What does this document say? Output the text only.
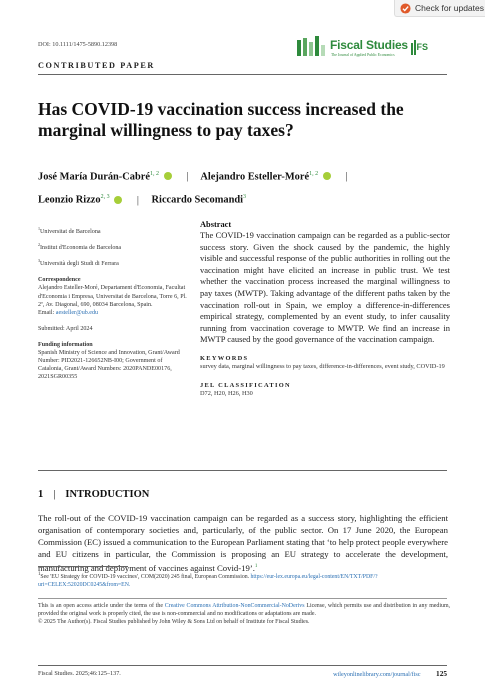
Check for updates
DOI: 10.1111/1475-5890.12398	Fiscal Studies
The Journal of Applied Public Economics
IFS
CONTRIBUTED PAPER
Has COVID-19 vaccination success increased the marginal willingness to pay taxes?
José María Durán-Cabré$^{1, 2}$	| Alejandro Esteller-Moré$^{1, 2}$	|
Leonzio Rizzo$^{2, 3}$	| Riccardo Secomandi$^3$
$^1$Universitat de Barcelona
$^2$Institut d'Economia de Barcelona
$^3$Università degli Studi di Ferrara
Correspondence
Alejandro Esteller-Moré, Departament d'Economia, Facultat d'Economia i Empresa, Universitat de Barcelona, Torre 6, Pl. 2ª, Av. Diagonal, 690, 08034 Barcelona, Spain.
Email: aesteller@ub.edu
Submitted: April 2024
Funding information
Spanish Ministry of Science and Innovation, Grant/Award Number: PID2021-126652NB-I00; Government of Catalonia, Grant/Award Numbers: 2020PANDE00176, 2021SGR00355
Abstract
The COVID-19 vaccination campaign can be regarded as a public-sector success story. Given the shock caused by the pandemic, the highly visible and successful response of the public authorities in rolling out the vaccination might have elicited an increase in public trust. We test whether the vaccination process increased the marginal willingness to pay taxes (MWTP). Taking advantage of the different paths taken by the vaccination roll-out in Spain, we employ a difference-in-differences empirical strategy, complemented by an event study, to infer causality running from vaccination coverage to MWTP. We find an increase in MWTP caused by the good governance of the vaccination campaign.
KEYWORDS
survey data, marginal willingness to pay taxes, difference-in-differences, event study, COVID-19
JEL CLASSIFICATION
D72, H20, H26, H30
1 | INTRODUCTION
The roll-out of the COVID-19 vaccination campaign can be regarded as a success story, highlighting the efficient organisation of contemporary societies and, particularly, of the public sector. On 17 June 2020, the European Commission (EC) issued a communication to the European Parliament stating that ‘to help protect people everywhere and EU citizens in particular, the Commission is proposing an EU strategy to accelerate the development, manufacturing and deployment of vaccines against Covid-19’.$^1$
$^1$See 'EU Strategy for COVID-19 vaccines', COM(2020) 245 final, European Commission. https://eur-lex.europa.eu/legal-content/EN/TXT/PDF/?uri=CELEX:52020DC0245&from=EN.
This is an open access article under the terms of the Creative Commons Attribution-NonCommercial-NoDerivs License, which permits use and distribution in any medium, provided the original work is properly cited, the use is non-commercial and no modifications or adaptations are made.
© 2025 The Author(s). Fiscal Studies published by John Wiley & Sons Ltd on behalf of Institute for Fiscal Studies.
Fiscal Studies. 2025;46:125–137.	wileyonlinelibrary.com/journal/fisc 125
